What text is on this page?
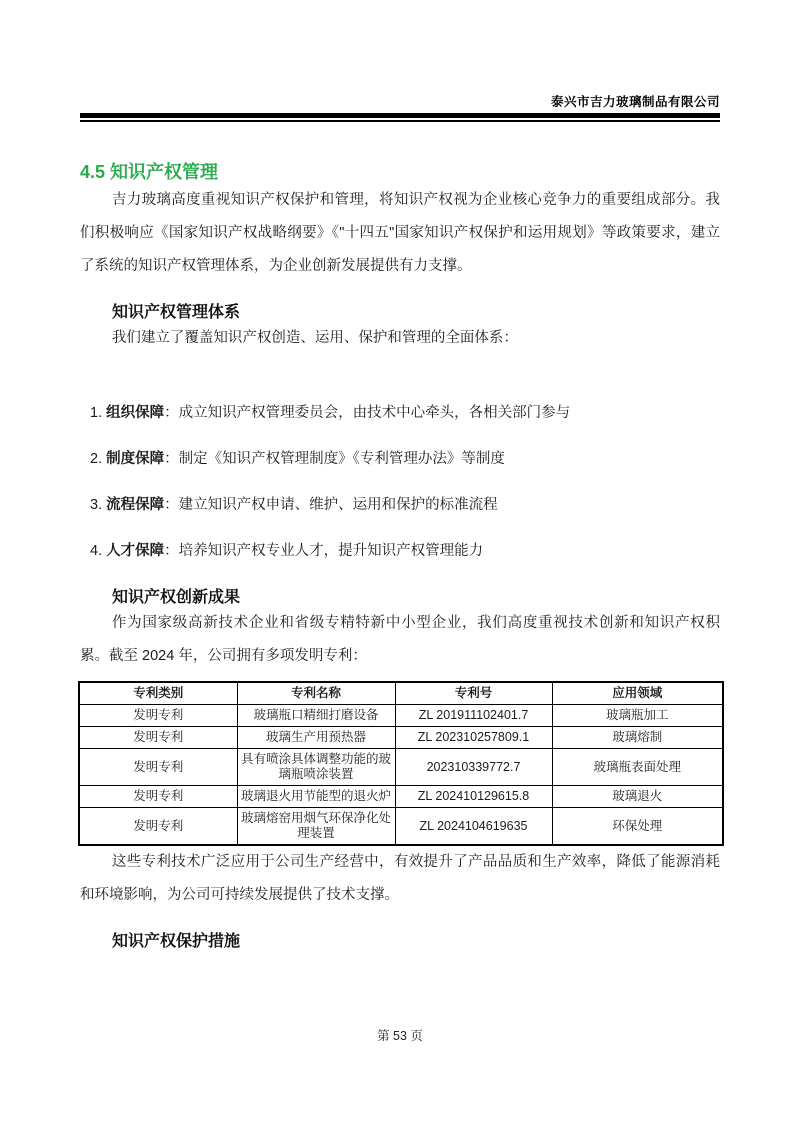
泰兴市吉力玻璃制品有限公司
4.5 知识产权管理

吉力玻璃高度重视知识产权保护和管理，将知识产权视为企业核心竞争力的重要组成部分。我们积极响应《国家知识产权战略纲要》《"十四五"国家知识产权保护和运用规划》等政策要求，建立了系统的知识产权管理体系，为企业创新发展提供有力支撑。

知识产权管理体系

我们建立了覆盖知识产权创造、运用、保护和管理的全面体系：

1. 组织保障：成立知识产权管理委员会，由技术中心牵头，各相关部门参与
2. 制度保障：制定《知识产权管理制度》《专利管理办法》等制度
3. 流程保障：建立知识产权申请、维护、运用和保护的标准流程
4. 人才保障：培养知识产权专业人才，提升知识产权管理能力
知识产权创新成果

作为国家级高新技术企业和省级专精特新中小型企业，我们高度重视技术创新和知识产权积累。截至 2024 年，公司拥有多项发明专利：

专利类别	专利名称	专利号	应用领域
发明专利	玻璃瓶口精细打磨设备	ZL 201911102401.7	玻璃瓶加工
发明专利	玻璃生产用预热器	ZL 202310257809.1	玻璃熔制
发明专利	具有喷涂具体调整功能的玻璃瓶喷涂装置	202310339772.7	玻璃瓶表面处理
发明专利	玻璃退火用节能型的退火炉	ZL 202410129615.8	玻璃退火
发明专利	玻璃熔窑用烟气环保净化处理装置	ZL 2024104619635	环保处理

这些专利技术广泛应用于公司生产经营中，有效提升了产品品质和生产效率，降低了能源消耗和环境影响，为公司可持续发展提供了技术支撑。

知识产权保护措施
第 53 页
